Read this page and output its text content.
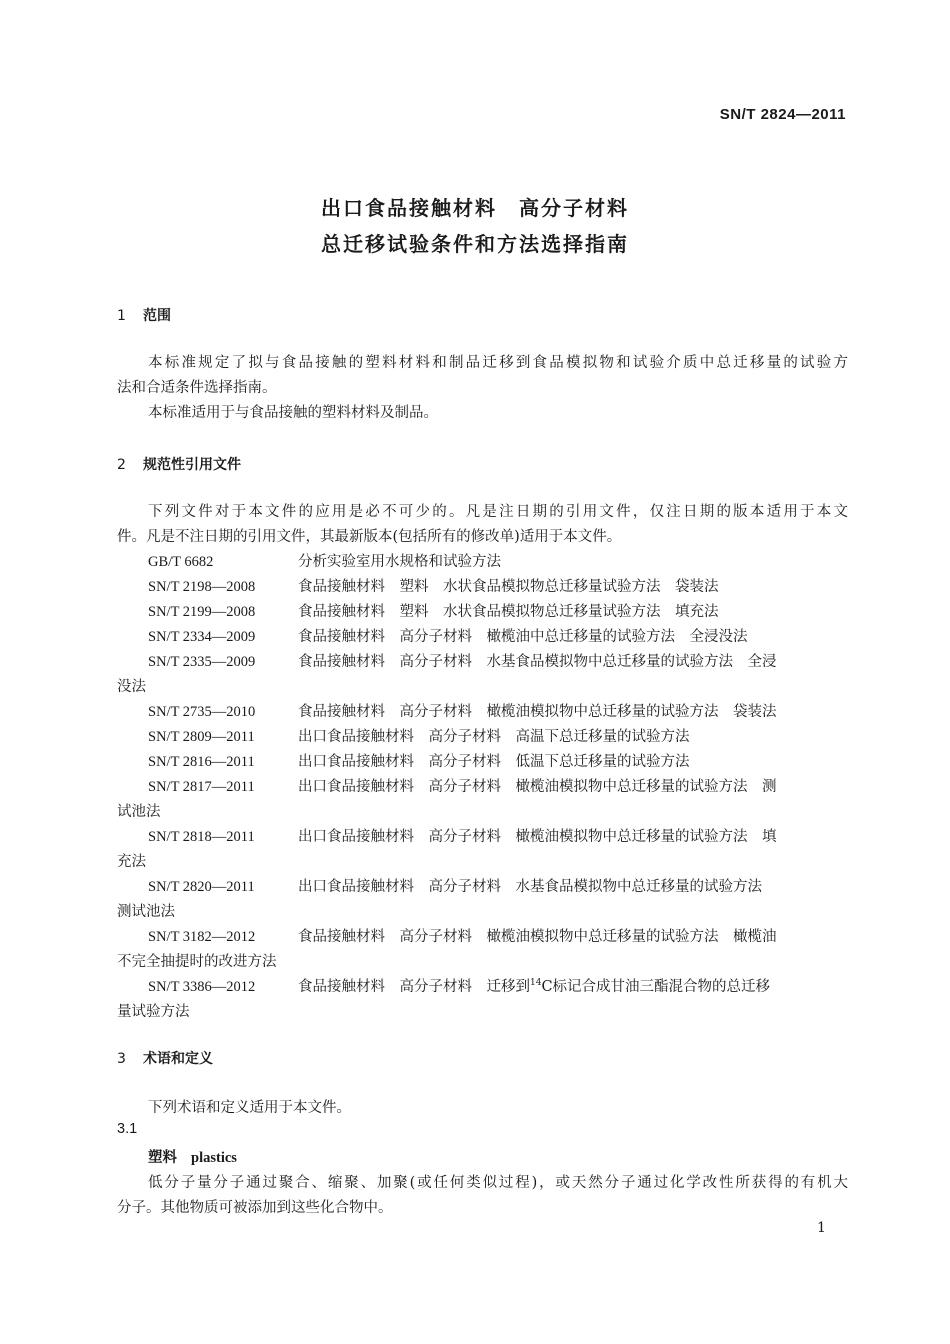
SN/T 2824—2011
出口食品接触材料　高分子材料
总迁移试验条件和方法选择指南
1 范围
本标准规定了拟与食品接触的塑料材料和制品迁移到食品模拟物和试验介质中总迁移量的试验方
法和合适条件选择指南。
本标准适用于与食品接触的塑料材料及制品。
2 规范性引用文件
下列文件对于本文件的应用是必不可少的。凡是注日期的引用文件，仅注日期的版本适用于本文
件。凡是不注日期的引用文件，其最新版本(包括所有的修改单)适用于本文件。
GB/T 6682	分析实验室用水规格和试验方法
SN/T 2198—2008	食品接触材料　塑料　水状食品模拟物总迁移量试验方法　袋装法
SN/T 2199—2008	食品接触材料　塑料　水状食品模拟物总迁移量试验方法　填充法
SN/T 2334—2009	食品接触材料　高分子材料　橄榄油中总迁移量的试验方法　全浸没法
SN/T 2335—2009	食品接触材料　高分子材料　水基食品模拟物中总迁移量的试验方法　全浸
没法
SN/T 2735—2010	食品接触材料　高分子材料　橄榄油模拟物中总迁移量的试验方法　袋装法
SN/T 2809—2011	出口食品接触材料　高分子材料　高温下总迁移量的试验方法
SN/T 2816—2011	出口食品接触材料　高分子材料　低温下总迁移量的试验方法
SN/T 2817—2011	出口食品接触材料　高分子材料　橄榄油模拟物中总迁移量的试验方法　测
试池法
SN/T 2818—2011	出口食品接触材料　高分子材料　橄榄油模拟物中总迁移量的试验方法　填
充法
SN/T 2820—2011	出口食品接触材料　高分子材料　水基食品模拟物中总迁移量的试验方法
测试池法
SN/T 3182—2012	食品接触材料　高分子材料　橄榄油模拟物中总迁移量的试验方法　橄榄油
不完全抽提时的改进方法
SN/T 3386—2012	食品接触材料　高分子材料　迁移到$^{14}$C标记合成甘油三酯混合物的总迁移
量试验方法
3 术语和定义
下列术语和定义适用于本文件。
3.1
塑料 plastics
低分子量分子通过聚合、缩聚、加聚(或任何类似过程)，或天然分子通过化学改性所获得的有机大
分子。其他物质可被添加到这些化合物中。
1
